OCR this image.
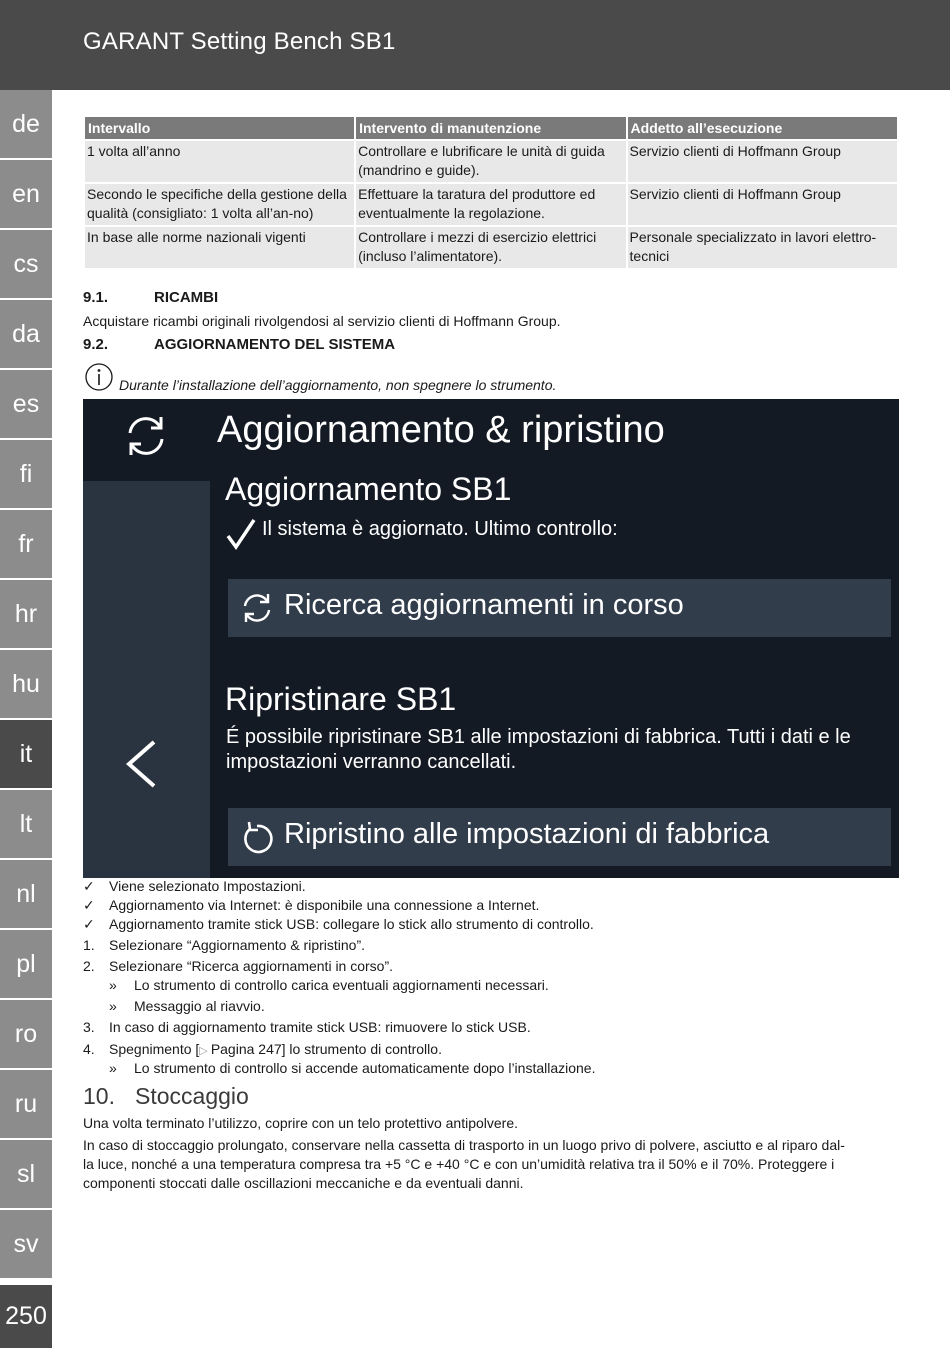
GARANT Setting Bench SB1
de
en
cs
da
es
fi
fr
hr
hu
it
lt
nl
pl
ro
ru
sl
sv
250
Intervallo	Intervento di manutenzione	Addetto all’esecuzione
1 volta all’anno	Controllare e lubrificare le unità di guida (mandrino e guide).	Servizio clienti di Hoffmann Group
Secondo le specifiche della gestione della qualità (consigliato: 1 volta all’an-no)	Effettuare la taratura del produttore ed eventualmente la regolazione.	Servizio clienti di Hoffmann Group
In base alle norme nazionali vigenti	Controllare i mezzi di esercizio elettrici (incluso l’alimentatore).	Personale specializzato in lavori elettro-tecnici
9.1.	RICAMBI
Acquistare ricambi originali rivolgendosi al servizio clienti di Hoffmann Group.
9.2.	AGGIORNAMENTO DEL SISTEMA
Durante l’installazione dell’aggiornamento, non spegnere lo strumento.
Aggiornamento & ripristino
Aggiornamento SB1
Il sistema è aggiornato. Ultimo controllo:
Ricerca aggiornamenti in corso
Ripristinare SB1
É possibile ripristinare SB1 alle impostazioni di fabbrica. Tutti i dati e le
impostazioni verranno cancellati.
Ripristino alle impostazioni di fabbrica
✓ Viene selezionato Impostazioni.
✓ Aggiornamento via Internet: è disponibile una connessione a Internet.
✓ Aggiornamento tramite stick USB: collegare lo stick allo strumento di controllo.
1. Selezionare “Aggiornamento & ripristino”.
2. Selezionare “Ricerca aggiornamenti in corso”.
» Lo strumento di controllo carica eventuali aggiornamenti necessari.
» Messaggio al riavvio.
3. In caso di aggiornamento tramite stick USB: rimuovere lo stick USB.
4. Spegnimento [▷ Pagina 247] lo strumento di controllo.
» Lo strumento di controllo si accende automaticamente dopo l’installazione.
10. Stoccaggio
Una volta terminato l’utilizzo, coprire con un telo protettivo antipolvere.
In caso di stoccaggio prolungato, conservare nella cassetta di trasporto in un luogo privo di polvere, asciutto e al riparo dal-
la luce, nonché a una temperatura compresa tra +5 °C e +40 °C e con un’umidità relativa tra il 50% e il 70%. Proteggere i
componenti stoccati dalle oscillazioni meccaniche e da eventuali danni.
